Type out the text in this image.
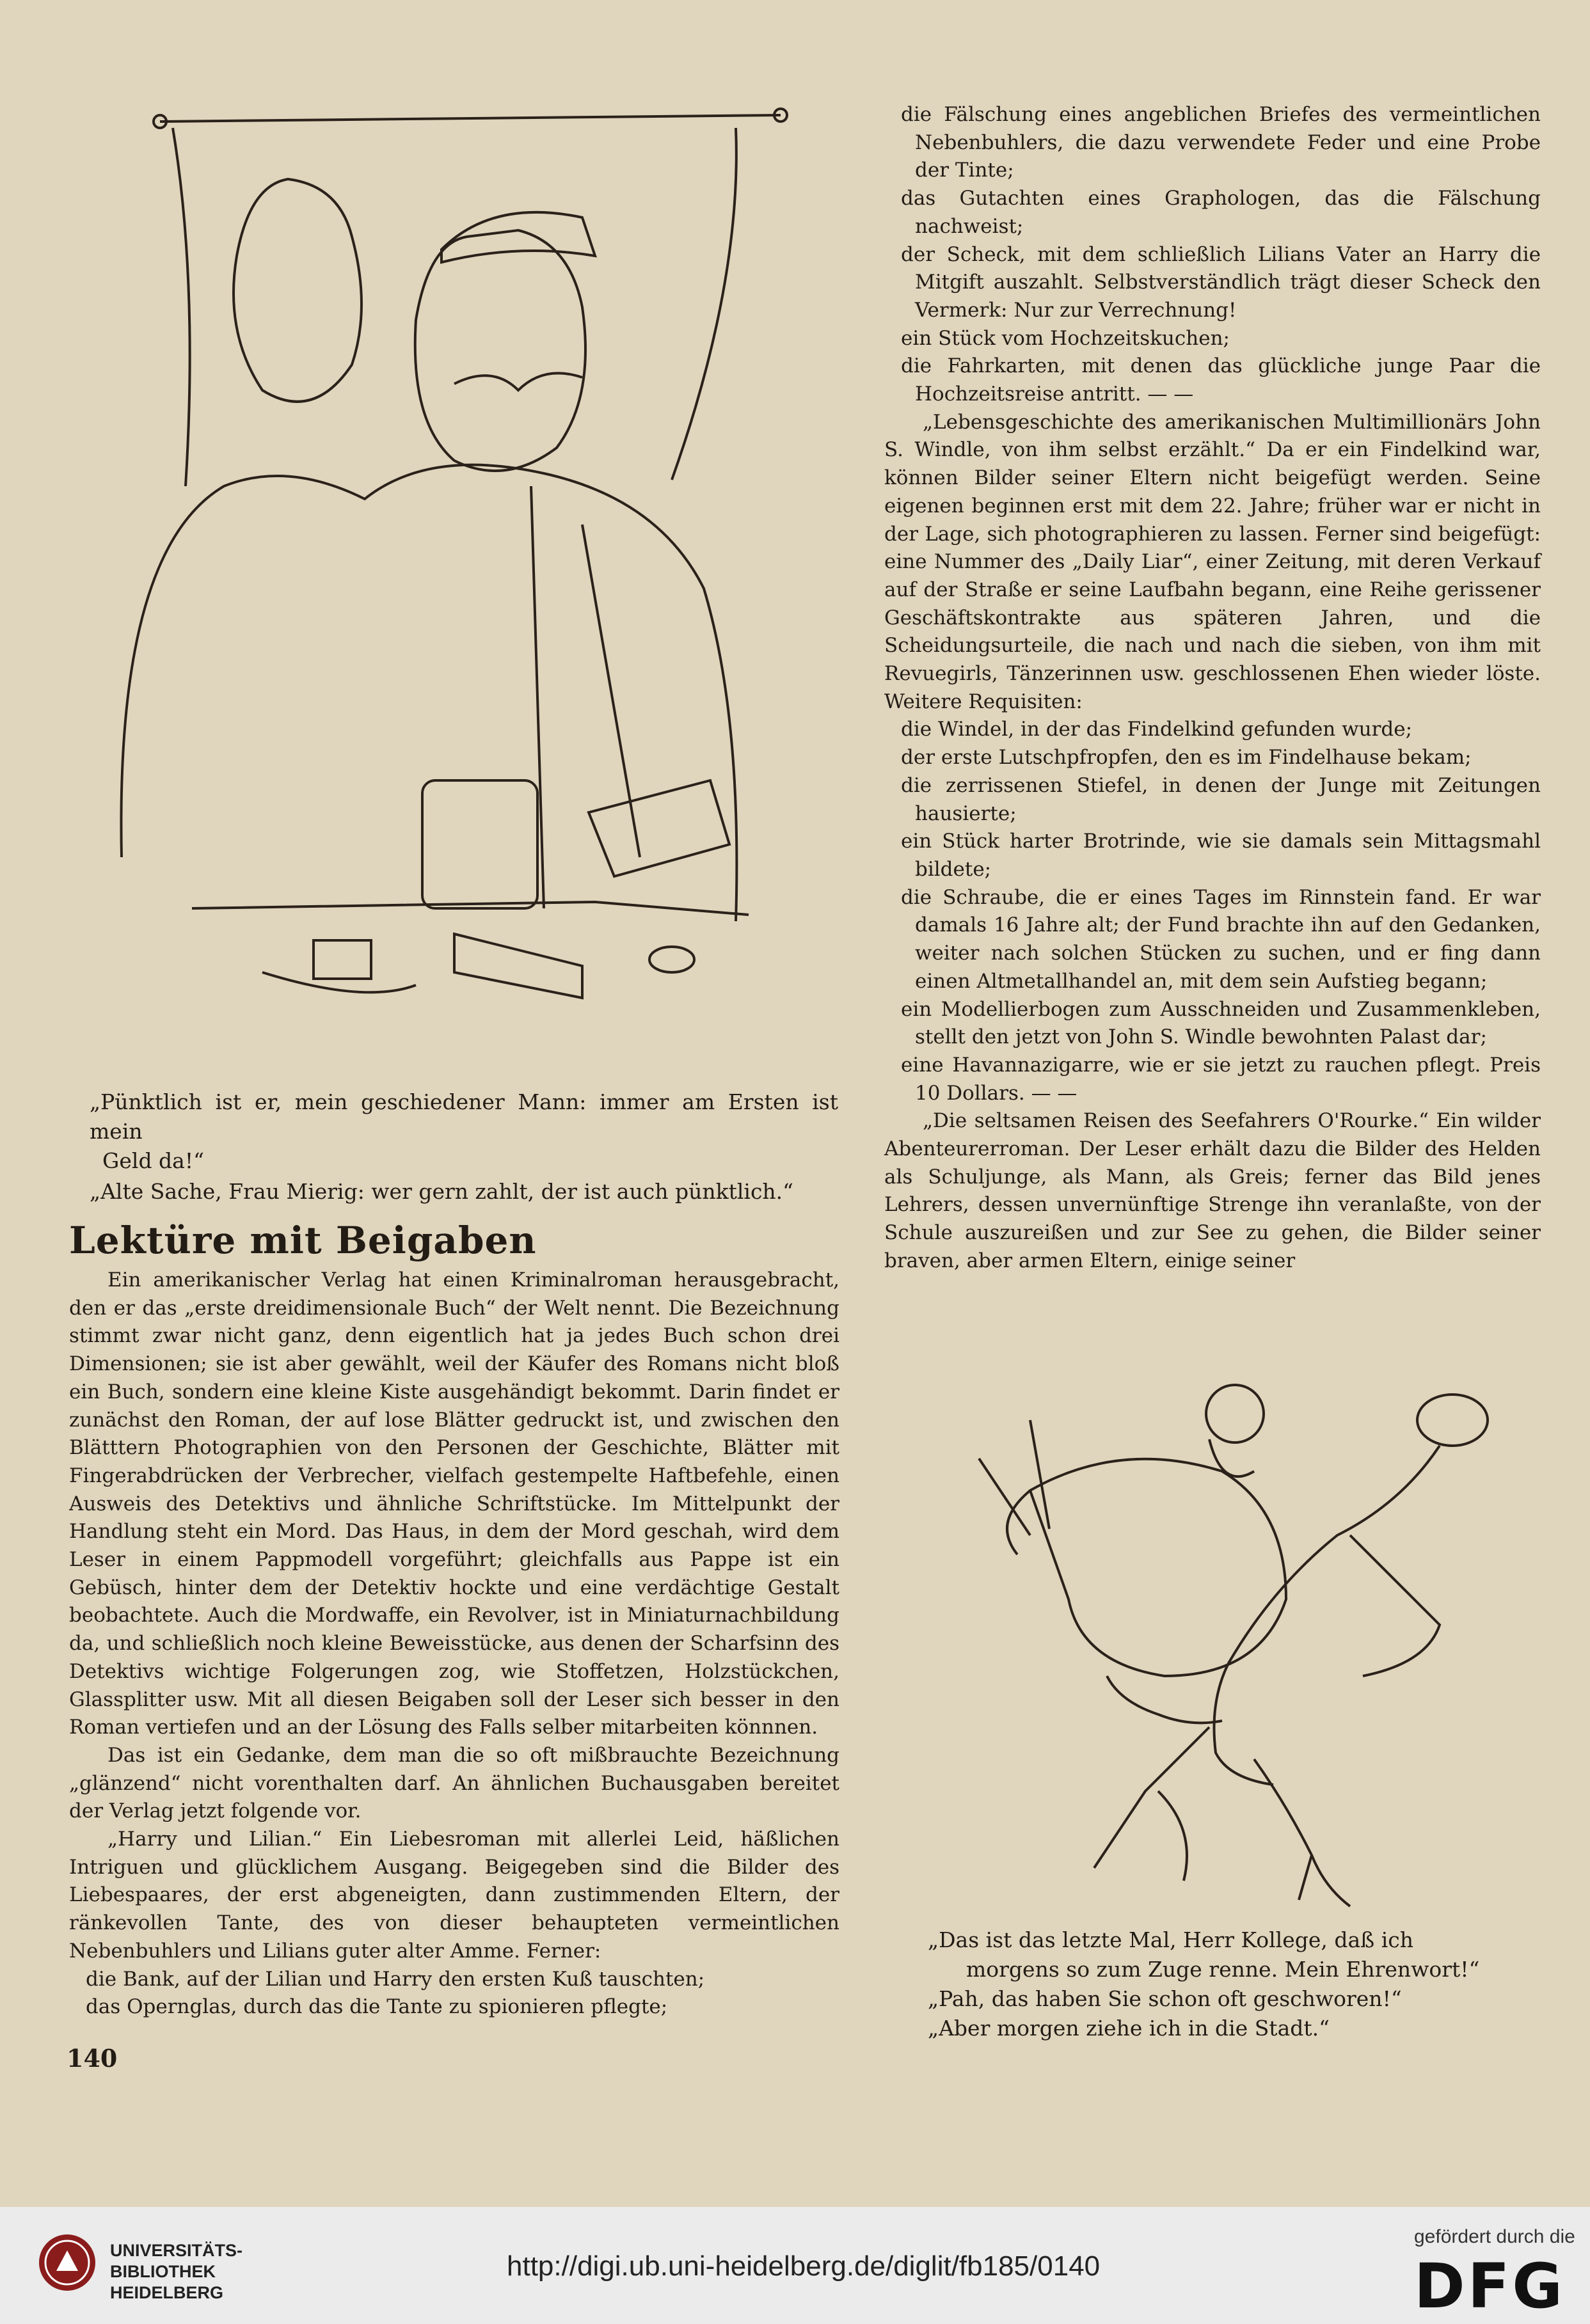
„Pünktlich ist er, mein geschiedener Mann: immer am Ersten ist mein

Geld da!“

„Alte Sache, Frau Mierig: wer gern zahlt, der ist auch pünktlich.“

Lektüre mit Beigaben

Ein amerikanischer Verlag hat einen Kriminalroman herausgebracht, den er das „erste dreidimensionale Buch“ der Welt nennt. Die Bezeichnung stimmt zwar nicht ganz, denn eigentlich hat ja jedes Buch schon drei Dimensionen; sie ist aber gewählt, weil der Käufer des Romans nicht bloß ein Buch, sondern eine kleine Kiste ausgehändigt bekommt. Darin findet er zunächst den Roman, der auf lose Blätter gedruckt ist, und zwischen den Blätttern Photographien von den Personen der Geschichte, Blätter mit Fingerabdrücken der Verbrecher, vielfach gestempelte Haftbefehle, einen Ausweis des Detektivs und ähnliche Schriftstücke. Im Mittelpunkt der Handlung steht ein Mord. Das Haus, in dem der Mord geschah, wird dem Leser in einem Pappmodell vorgeführt; gleichfalls aus Pappe ist ein Gebüsch, hinter dem der Detektiv hockte und eine verdächtige Gestalt beobachtete. Auch die Mordwaffe, ein Revolver, ist in Miniaturnachbildung da, und schließlich noch kleine Beweisstücke, aus denen der Scharfsinn des Detektivs wichtige Folgerungen zog, wie Stoffetzen, Holzstückchen, Glassplitter usw. Mit all diesen Beigaben soll der Leser sich besser in den Roman vertiefen und an der Lösung des Falls selber mitarbeiten könnnen.

Das ist ein Gedanke, dem man die so oft mißbrauchte Bezeichnung „glänzend“ nicht vorenthalten darf. An ähnlichen Buchausgaben bereitet der Verlag jetzt folgende vor.

„Harry und Lilian.“ Ein Liebesroman mit allerlei Leid, häßlichen Intriguen und glücklichem Ausgang. Beigegeben sind die Bilder des Liebespaares, der erst abgeneigten, dann zustimmenden Eltern, der ränkevollen Tante, des von dieser behaupteten vermeintlichen Nebenbuhlers und Lilians guter alter Amme. Ferner:

die Bank, auf der Lilian und Harry den ersten Kuß tauschten;

das Opernglas, durch das die Tante zu spionieren pflegte;

140

die Fälschung eines angeblichen Briefes des vermeintlichen Nebenbuhlers, die dazu verwendete Feder und eine Probe der Tinte;

das Gutachten eines Graphologen, das die Fälschung nachweist;

der Scheck, mit dem schließlich Lilians Vater an Harry die Mitgift auszahlt. Selbstverständlich trägt dieser Scheck den Vermerk: Nur zur Verrechnung!

ein Stück vom Hochzeitskuchen;

die Fahrkarten, mit denen das glückliche junge Paar die Hochzeitsreise antritt. — —

„Lebensgeschichte des amerikanischen Multimillionärs John S. Windle, von ihm selbst erzählt.“ Da er ein Findelkind war, können Bilder seiner Eltern nicht beigefügt werden. Seine eigenen beginnen erst mit dem 22. Jahre; früher war er nicht in der Lage, sich photographieren zu lassen. Ferner sind beigefügt: eine Nummer des „Daily Liar“, einer Zeitung, mit deren Verkauf auf der Straße er seine Laufbahn begann, eine Reihe gerissener Geschäftskontrakte aus späteren Jahren, und die Scheidungsurteile, die nach und nach die sieben, von ihm mit Revuegirls, Tänzerinnen usw. geschlossenen Ehen wieder löste. Weitere Requisiten:

die Windel, in der das Findelkind gefunden wurde;

der erste Lutschpfropfen, den es im Findelhause bekam;

die zerrissenen Stiefel, in denen der Junge mit Zeitungen hausierte;

ein Stück harter Brotrinde, wie sie damals sein Mittagsmahl bildete;

die Schraube, die er eines Tages im Rinnstein fand. Er war damals 16 Jahre alt; der Fund brachte ihn auf den Gedanken, weiter nach solchen Stücken zu suchen, und er fing dann einen Altmetallhandel an, mit dem sein Aufstieg begann;

ein Modellierbogen zum Ausschneiden und Zusammenkleben, stellt den jetzt von John S. Windle bewohnten Palast dar;

eine Havannazigarre, wie er sie jetzt zu rauchen pflegt. Preis 10 Dollars. — —

„Die seltsamen Reisen des Seefahrers O'Rourke.“ Ein wilder Abenteurerroman. Der Leser erhält dazu die Bilder des Helden als Schuljunge, als Mann, als Greis; ferner das Bild jenes Lehrers, dessen unvernünftige Strenge ihn veranlaßte, von der Schule auszureißen und zur See zu gehen, die Bilder seiner braven, aber armen Eltern, einige seiner

„Das ist das letzte Mal, Herr Kollege, daß ich

morgens so zum Zuge renne. Mein Ehrenwort!“

„Pah, das haben Sie schon oft geschworen!“

„Aber morgen ziehe ich in die Stadt.“

UNIVERSITÄTS-
BIBLIOTHEK
HEIDELBERG
http://digi.ub.uni-heidelberg.de/diglit/fb185/0140
gefördert durch die
DFG
